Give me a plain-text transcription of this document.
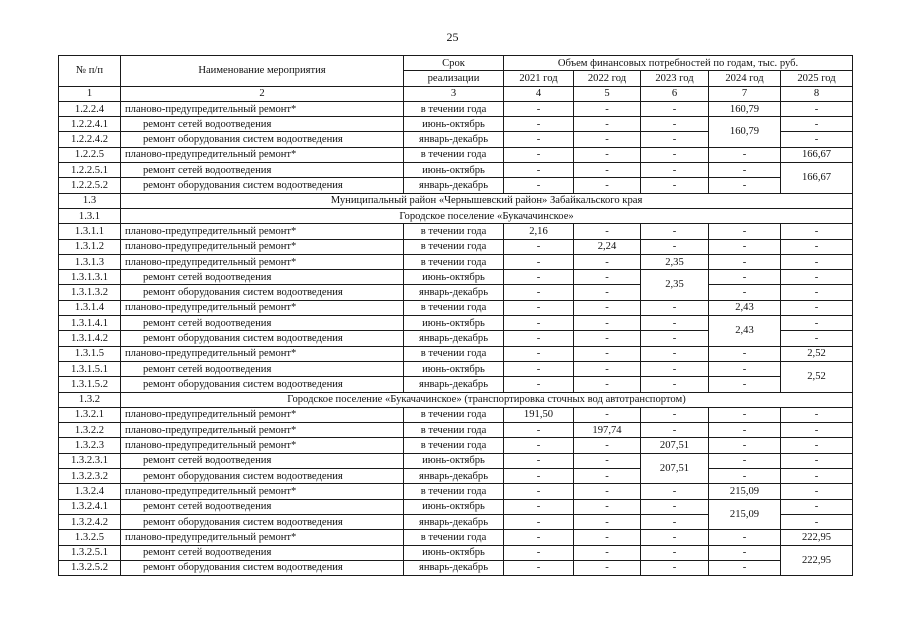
25
№ п/п	Наименование мероприятия	Срок	Объем финансовых потребностей по годам, тыс. руб.				
		реализации	2021 год	2022 год	2023 год	2024 год	2025 год
1	2	3	4	5	6	7	8
1.2.2.4	планово-предупредительный ремонт*	в течении года	-	-	-	160,79	-
1.2.2.4.1	ремонт сетей водоотведения	июнь-октябрь	-	-	-	160,79	-
1.2.2.4.2	ремонт оборудования систем водоотведения	январь-декабрь	-	-	-		-
1.2.2.5	планово-предупредительный ремонт*	в течении года	-	-	-	-	166,67
1.2.2.5.1	ремонт сетей водоотведения	июнь-октябрь	-	-	-	-	166,67
1.2.2.5.2	ремонт оборудования систем водоотведения	январь-декабрь	-	-	-	-	
1.3	Муниципальный район «Чернышевский район» Забайкальского края						
1.3.1	Городское поселение «Букачачинское»						
1.3.1.1	планово-предупредительный ремонт*	в течении года	2,16	-	-	-	-
1.3.1.2	планово-предупредительный ремонт*	в течении года	-	2,24	-	-	-
1.3.1.3	планово-предупредительный ремонт*	в течении года	-	-	2,35	-	-
1.3.1.3.1	ремонт сетей водоотведения	июнь-октябрь	-	-	2,35	-	-
1.3.1.3.2	ремонт оборудования систем водоотведения	январь-декабрь	-	-		-	-
1.3.1.4	планово-предупредительный ремонт*	в течении года	-	-	-	2,43	-
1.3.1.4.1	ремонт сетей водоотведения	июнь-октябрь	-	-	-	2,43	-
1.3.1.4.2	ремонт оборудования систем водоотведения	январь-декабрь	-	-	-		-
1.3.1.5	планово-предупредительный ремонт*	в течении года	-	-	-	-	2,52
1.3.1.5.1	ремонт сетей водоотведения	июнь-октябрь	-	-	-	-	2,52
1.3.1.5.2	ремонт оборудования систем водоотведения	январь-декабрь	-	-	-	-	
1.3.2	Городское поселение «Букачачинское» (транспортировка сточных вод автотранспортом)						
1.3.2.1	планово-предупредительный ремонт*	в течении года	191,50	-	-	-	-
1.3.2.2	планово-предупредительный ремонт*	в течении года	-	197,74	-	-	-
1.3.2.3	планово-предупредительный ремонт*	в течении года	-	-	207,51	-	-
1.3.2.3.1	ремонт сетей водоотведения	июнь-октябрь	-	-	207,51	-	-
1.3.2.3.2	ремонт оборудования систем водоотведения	январь-декабрь	-	-		-	-
1.3.2.4	планово-предупредительный ремонт*	в течении года	-	-	-	215,09	-
1.3.2.4.1	ремонт сетей водоотведения	июнь-октябрь	-	-	-	215,09	-
1.3.2.4.2	ремонт оборудования систем водоотведения	январь-декабрь	-	-	-		-
1.3.2.5	планово-предупредительный ремонт*	в течении года	-	-	-	-	222,95
1.3.2.5.1	ремонт сетей водоотведения	июнь-октябрь	-	-	-	-	222,95
1.3.2.5.2	ремонт оборудования систем водоотведения	январь-декабрь	-	-	-	-	
